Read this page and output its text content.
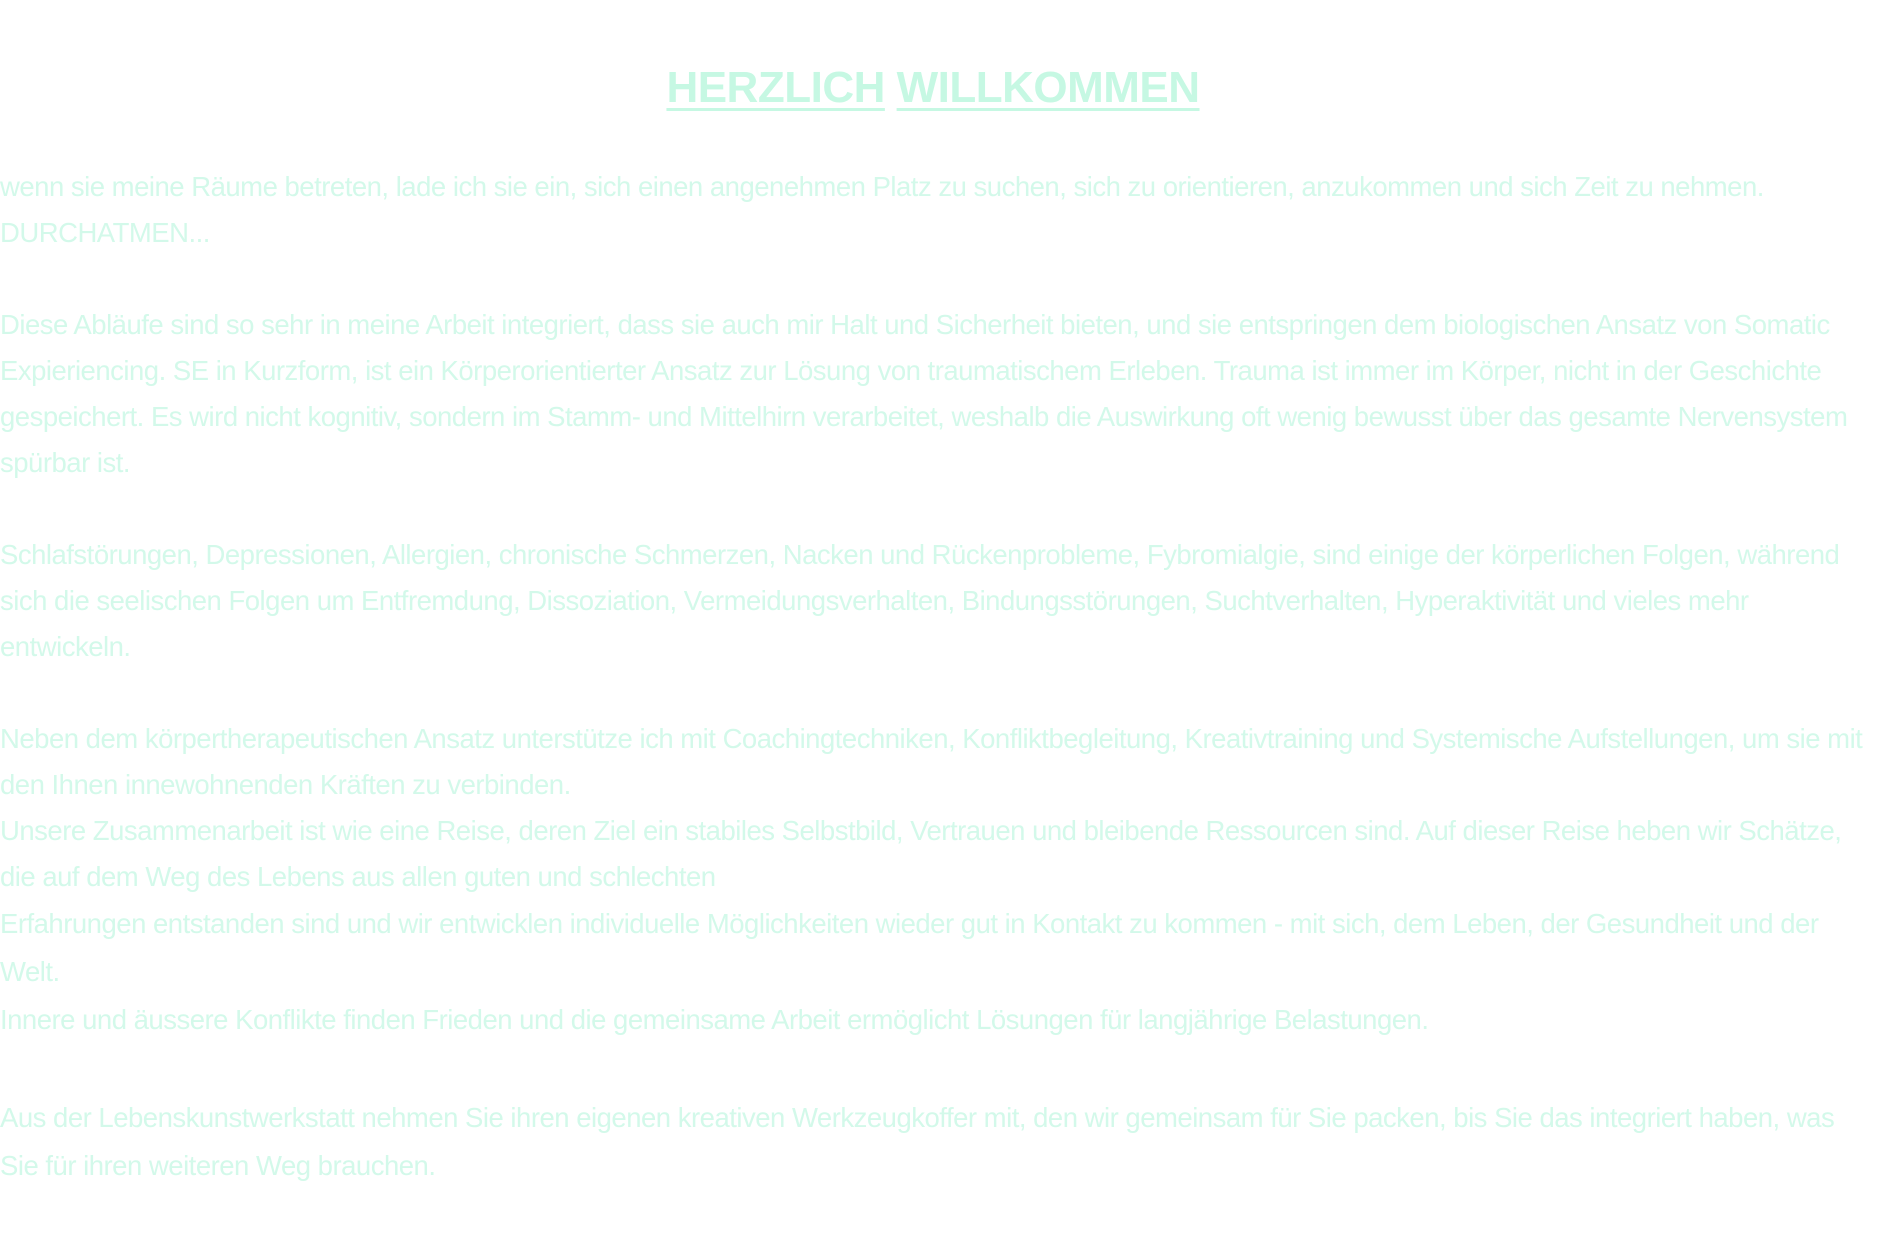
HERZLICH WILLKOMMEN

wenn sie meine Räume betreten, lade ich sie ein, sich einen angenehmen Platz zu suchen, sich zu orientieren, anzukommen und sich Zeit zu nehmen. DURCHATMEN...

Diese Abläufe sind so sehr in meine Arbeit integriert, dass sie auch mir Halt und Sicherheit bieten, und sie entspringen dem biologischen Ansatz von Somatic Expieriencing. SE in Kurzform, ist ein Körperorientierter Ansatz zur Lösung von traumatischem Erleben. Trauma ist immer im Körper, nicht in der Geschichte gespeichert. Es wird nicht kognitiv, sondern im Stamm- und Mittelhirn verarbeitet, weshalb die Auswirkung oft wenig bewusst über das gesamte Nervensystem spürbar ist.

Schlafstörungen, Depressionen, Allergien, chronische Schmerzen, Nacken und Rückenprobleme, Fybromialgie, sind einige der körperlichen Folgen, während sich die seelischen Folgen um Entfremdung, Dissoziation, Vermeidungsverhalten, Bindungsstörungen, Suchtverhalten, Hyperaktivität und vieles mehr entwickeln.

Neben dem körpertherapeutischen Ansatz unterstütze ich mit Coachingtechniken, Konfliktbegleitung, Kreativtraining und Systemische Aufstellungen, um sie mit den Ihnen innewohnenden Kräften zu verbinden.

Unsere Zusammenarbeit ist wie eine Reise, deren Ziel ein stabiles Selbstbild, Vertrauen und bleibende Ressourcen sind. Auf dieser Reise heben wir Schätze, die auf dem Weg des Lebens aus allen guten und schlechten

Erfahrungen entstanden sind und wir entwicklen individuelle Möglichkeiten wieder gut in Kontakt zu kommen - mit sich, dem Leben, der Gesundheit und der Welt.

Innere und äussere Konflikte finden Frieden und die gemeinsame Arbeit ermöglicht Lösungen für langjährige Belastungen.

Aus der Lebenskunstwerkstatt nehmen Sie ihren eigenen kreativen Werkzeugkoffer mit, den wir gemeinsam für Sie packen, bis Sie das integriert haben, was Sie für ihren weiteren Weg brauchen.
